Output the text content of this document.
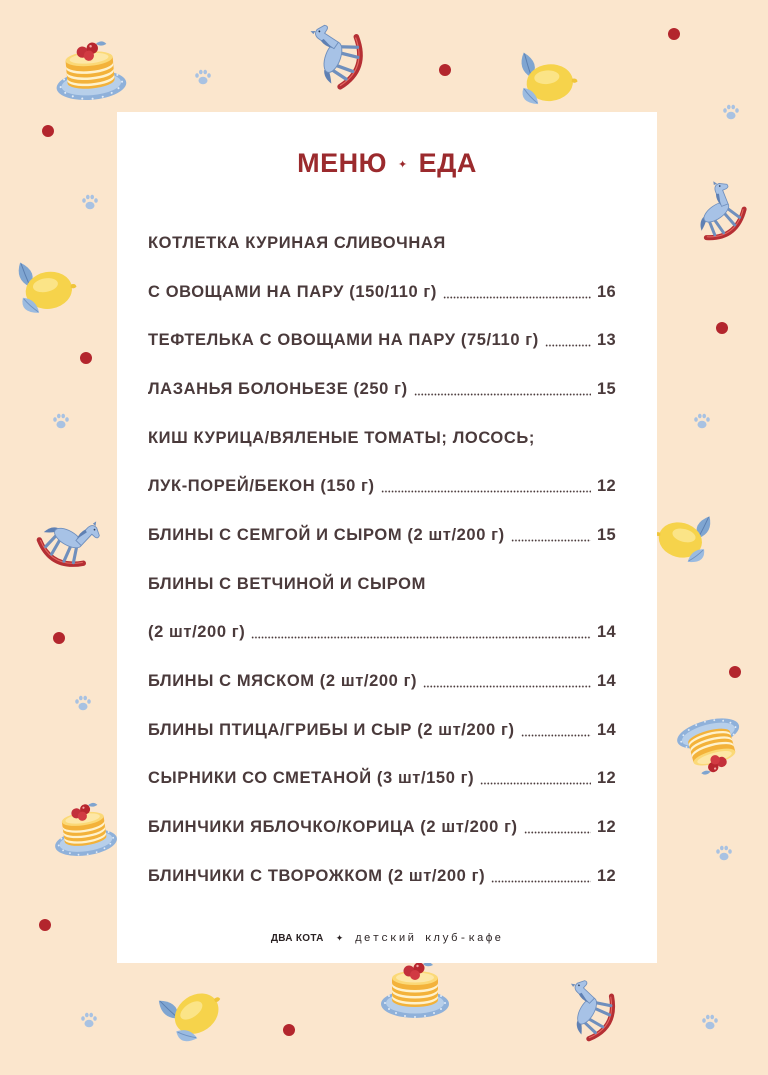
МЕНЮ ✦ ЕДА
КОТЛЕТКА КУРИНАЯ СЛИВОЧНАЯ
С ОВОЩАМИ НА ПАРУ (150/110 г)	16
ТЕФТЕЛЬКА С ОВОЩАМИ НА ПАРУ (75/110 г)	13
ЛАЗАНЬЯ БОЛОНЬЕЗЕ (250 г)	15
КИШ КУРИЦА/ВЯЛЕНЫЕ ТОМАТЫ; ЛОСОСЬ;
ЛУК-ПОРЕЙ/БЕКОН (150 г)	12
БЛИНЫ С СЕМГОЙ И СЫРОМ (2 шт/200 г)	15
БЛИНЫ С ВЕТЧИНОЙ И СЫРОМ
(2 шт/200 г)	14
БЛИНЫ С МЯСКОМ (2 шт/200 г)	14
БЛИНЫ ПТИЦА/ГРИБЫ И СЫР (2 шт/200 г)	14
СЫРНИКИ СО СМЕТАНОЙ (3 шт/150 г)	12
БЛИНЧИКИ ЯБЛОЧКО/КОРИЦА (2 шт/200 г)	12
БЛИНЧИКИ С ТВОРОЖКОМ (2 шт/200 г)	12
ДВА КОТА ✦ детский клуб-кафе
